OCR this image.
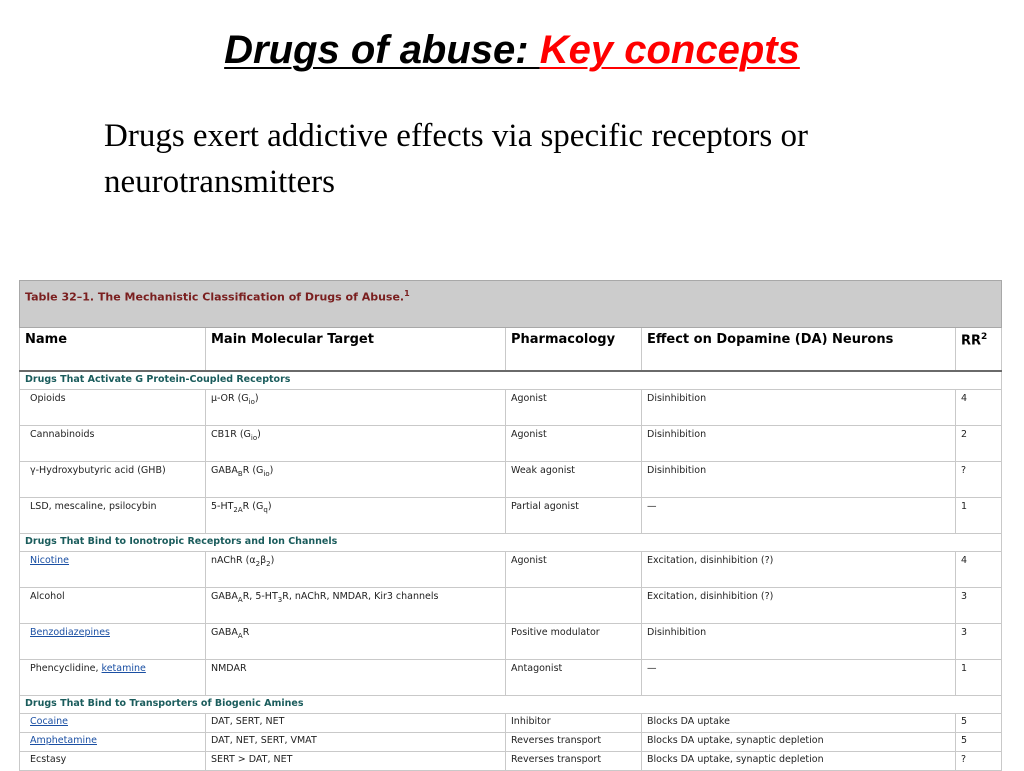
Drugs of abuse: Key concepts
Drugs exert addictive effects via specific receptors or neurotransmitters
Table 32–1. The Mechanistic Classification of Drugs of Abuse.$^1$
Name	Main Molecular Target	Pharmacology	Effect on Dopamine (DA) Neurons	$RR^2$
Drugs That Activate G Protein-Coupled Receptors				
Opioids	μ-OR $(G_{io})$	Agonist	Disinhibition	4
Cannabinoids	CB1R $(G_{io})$	Agonist	Disinhibition	2
γ-Hydroxybutyric acid (GHB)	$GABA_BR$ $(G_{io})$	Weak agonist	Disinhibition	?
LSD, mescaline, psilocybin	$5-HT_{2A}R$ $(G_q)$	Partial agonist	—	1
Drugs That Bind to Ionotropic Receptors and Ion Channels				
Nicotine	nAChR $(\alpha_2\beta_2)$	Agonist	Excitation, disinhibition (?)	4
Alcohol	$GABA_AR$, $5-HT_3R$, nAChR, NMDAR, Kir3 channels		Excitation, disinhibition (?)	3
Benzodiazepines	$GABA_AR$	Positive modulator	Disinhibition	3
Phencyclidine, ketamine	NMDAR	Antagonist	—	1
Drugs That Bind to Transporters of Biogenic Amines				
Cocaine	DAT, SERT, NET	Inhibitor	Blocks DA uptake	5
Amphetamine	DAT, NET, SERT, VMAT	Reverses transport	Blocks DA uptake, synaptic depletion	5
Ecstasy	SERT > DAT, NET	Reverses transport	Blocks DA uptake, synaptic depletion	?
